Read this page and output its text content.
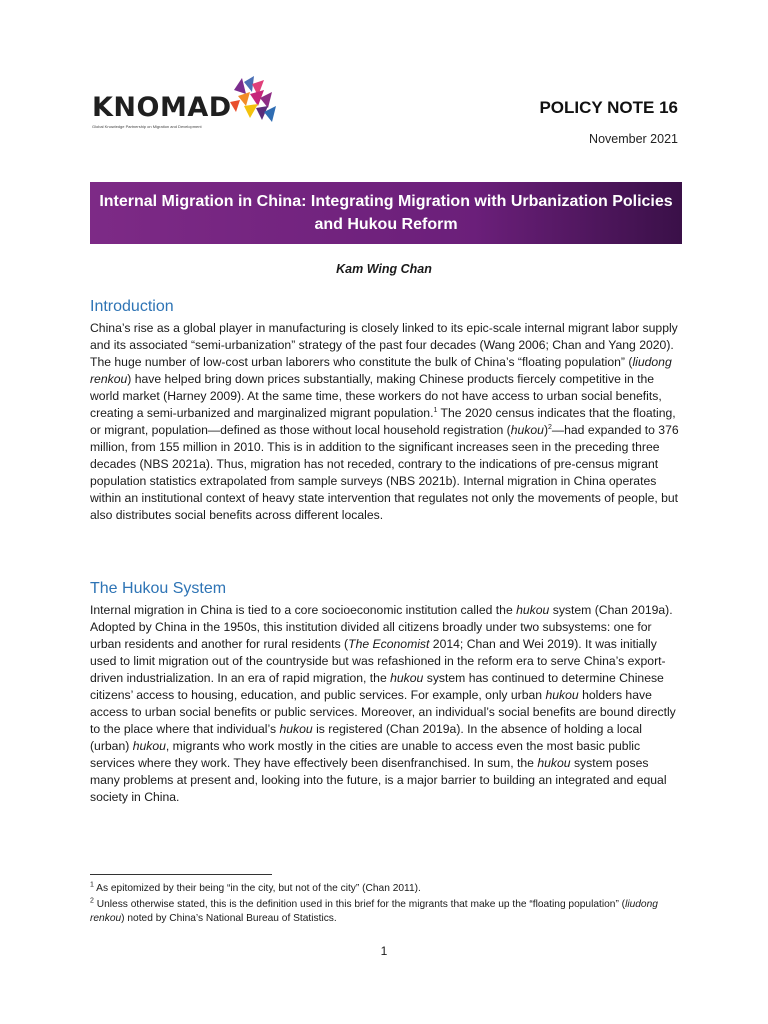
KNOMAD
Global Knowledge Partnership on Migration and Development
POLICY NOTE 16
November 2021
Internal Migration in China: Integrating Migration with Urbanization Policies
and Hukou Reform
Kam Wing Chan
Introduction

China’s rise as a global player in manufacturing is closely linked to its epic-scale internal migrant labor supply and its associated “semi-urbanization” strategy of the past four decades (Wang 2006; Chan and Yang 2020). The huge number of low-cost urban laborers who constitute the bulk of China’s “floating population” (liudong renkou) have helped bring down prices substantially, making Chinese products fiercely competitive in the world market (Harney 2009). At the same time, these workers do not have access to urban social benefits, creating a semi-urbanized and marginalized migrant population.$^1$ The 2020 census indicates that the floating, or migrant, population—defined as those without local household registration (hukou)$^2$—had expanded to 376 million, from 155 million in 2010. This is in addition to the significant increases seen in the preceding three decades (NBS 2021a). Thus, migration has not receded, contrary to the indications of pre-census migrant population statistics extrapolated from sample surveys (NBS 2021b). Internal migration in China operates within an institutional context of heavy state intervention that regulates not only the movements of people, but also distributes social benefits across different locales.

The Hukou System

Internal migration in China is tied to a core socioeconomic institution called the hukou system (Chan 2019a). Adopted by China in the 1950s, this institution divided all citizens broadly under two subsystems: one for urban residents and another for rural residents (The Economist 2014; Chan and Wei 2019). It was initially used to limit migration out of the countryside but was refashioned in the reform era to serve China’s export-driven industrialization. In an era of rapid migration, the hukou system has continued to determine Chinese citizens’ access to housing, education, and public services. For example, only urban hukou holders have access to urban social benefits or public services. Moreover, an individual’s social benefits are bound directly to the place where that individual’s hukou is registered (Chan 2019a). In the absence of holding a local (urban) hukou, migrants who work mostly in the cities are unable to access even the most basic public services where they work. They have effectively been disenfranchised. In sum, the hukou system poses many problems at present and, looking into the future, is a major barrier to building an integrated and equal society in China.

$^1$ As epitomized by their being “in the city, but not of the city” (Chan 2011).

$^2$ Unless otherwise stated, this is the definition used in this brief for the migrants that make up the “floating population” (liudong renkou) noted by China’s National Bureau of Statistics.

1
